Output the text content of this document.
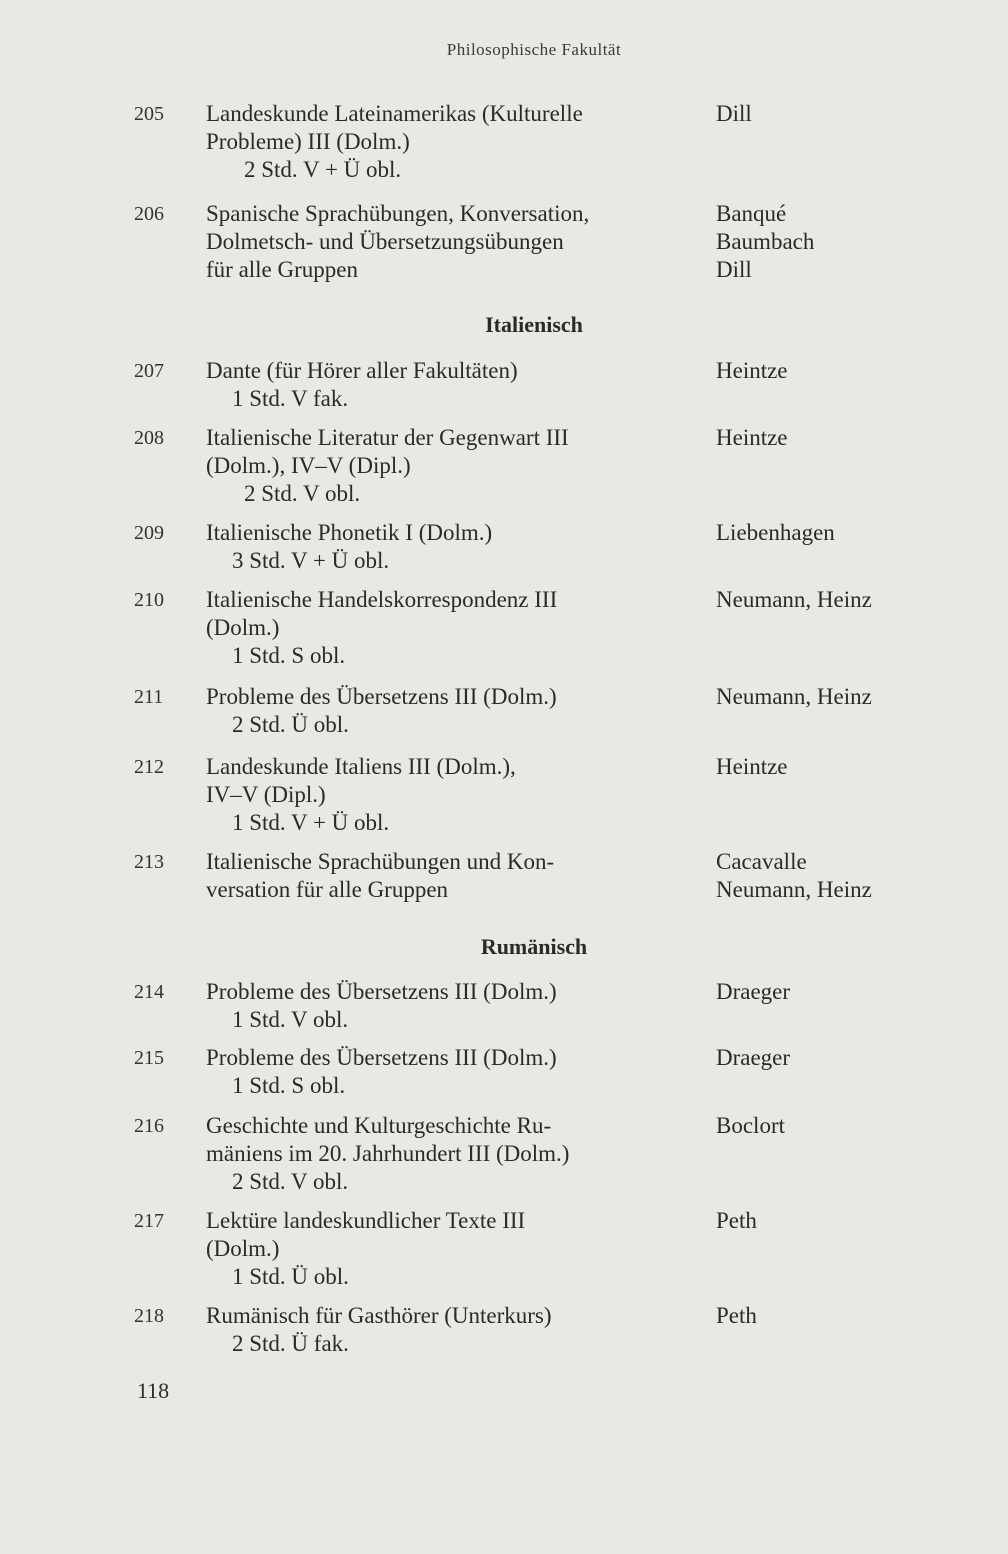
Philosophische Fakultät
205 Landeskunde Lateinamerikas (Kulturelle
Probleme) III (Dolm.)
2 Std. V + Ü obl.
Dill
206 Spanische Sprachübungen, Konversation,
Dolmetsch- und Übersetzungsübungen
für alle Gruppen
Banqué
Baumbach
Dill
Italienisch
207 Dante (für Hörer aller Fakultäten)
1 Std. V fak.
Heintze
208 Italienische Literatur der Gegenwart III
(Dolm.), IV–V (Dipl.)
2 Std. V obl.
Heintze
209 Italienische Phonetik I (Dolm.)
3 Std. V + Ü obl.
Liebenhagen
210 Italienische Handelskorrespondenz III
(Dolm.)
1 Std. S obl.
Neumann, Heinz
211 Probleme des Übersetzens III (Dolm.)
2 Std. Ü obl.
Neumann, Heinz
212 Landeskunde Italiens III (Dolm.),
IV–V (Dipl.)
1 Std. V + Ü obl.
Heintze
213 Italienische Sprachübungen und Kon-
versation für alle Gruppen
Cacavalle
Neumann, Heinz
Rumänisch
214 Probleme des Übersetzens III (Dolm.)
1 Std. V obl.
Draeger
215 Probleme des Übersetzens III (Dolm.)
1 Std. S obl.
Draeger
216 Geschichte und Kulturgeschichte Ru-
mäniens im 20. Jahrhundert III (Dolm.)
2 Std. V obl.
Boclort
217 Lektüre landeskundlicher Texte III
(Dolm.)
1 Std. Ü obl.
Peth
218 Rumänisch für Gasthörer (Unterkurs)
2 Std. Ü fak.
Peth
118
